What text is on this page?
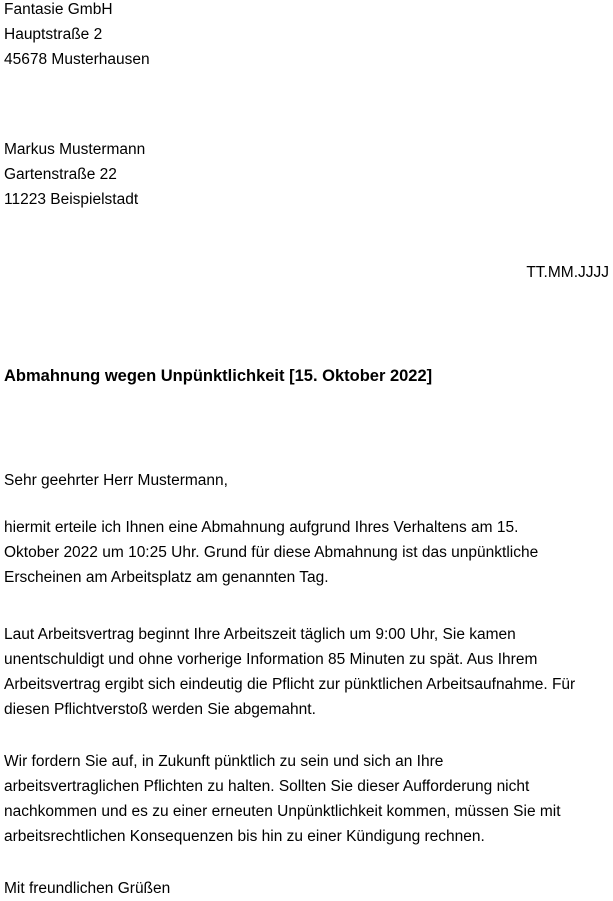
Fantasie GmbH
Hauptstraße 2
45678 Musterhausen
Markus Mustermann
Gartenstraße 22
11223 Beispielstadt
TT.MM.JJJJ
Abmahnung wegen Unpünktlichkeit [15. Oktober 2022]
Sehr geehrter Herr Mustermann,
hiermit erteile ich Ihnen eine Abmahnung aufgrund Ihres Verhaltens am 15.
Oktober 2022 um 10:25 Uhr. Grund für diese Abmahnung ist das unpünktliche
Erscheinen am Arbeitsplatz am genannten Tag.
Laut Arbeitsvertrag beginnt Ihre Arbeitszeit täglich um 9:00 Uhr, Sie kamen
unentschuldigt und ohne vorherige Information 85 Minuten zu spät. Aus Ihrem
Arbeitsvertrag ergibt sich eindeutig die Pflicht zur pünktlichen Arbeitsaufnahme. Für
diesen Pflichtverstoß werden Sie abgemahnt.
Wir fordern Sie auf, in Zukunft pünktlich zu sein und sich an Ihre
arbeitsvertraglichen Pflichten zu halten. Sollten Sie dieser Aufforderung nicht
nachkommen und es zu einer erneuten Unpünktlichkeit kommen, müssen Sie mit
arbeitsrechtlichen Konsequenzen bis hin zu einer Kündigung rechnen.
Mit freundlichen Grüßen
